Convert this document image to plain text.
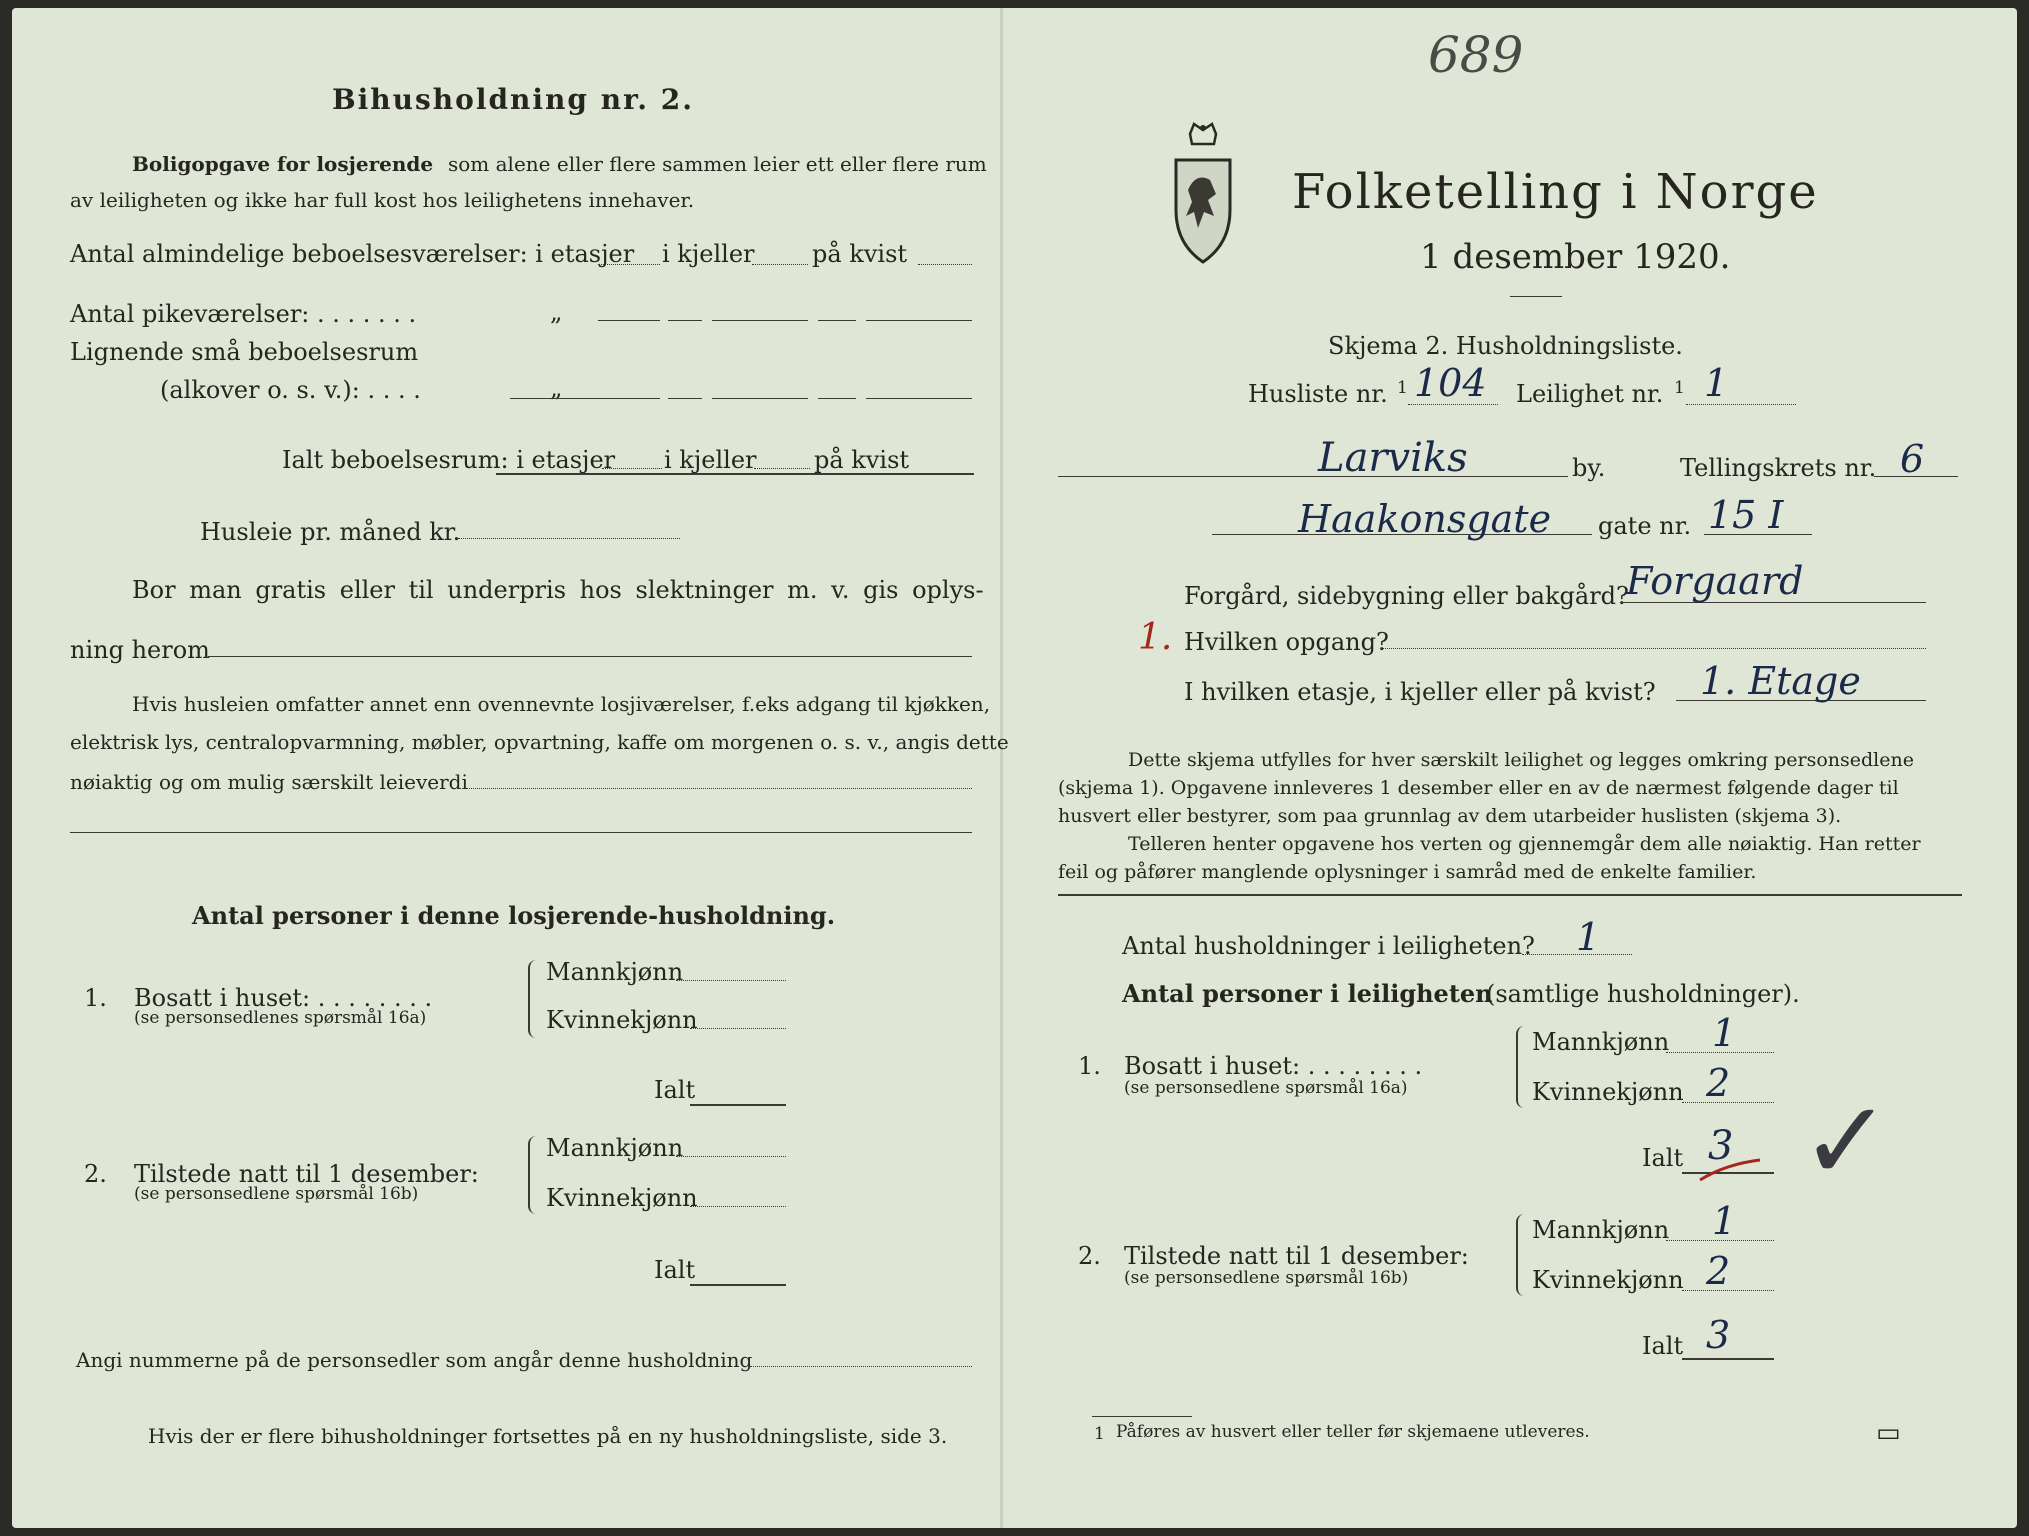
Bihusholdning nr. 2.
Boligopgave for losjerende som alene eller flere sammen leier ett eller flere rum
av leiligheten og ikke har full kost hos leilighetens innehaver.
Antal almindelige beboelsesværelser: i etasjer i kjeller på kvist
Antal pikeværelser: . . . . . . .	„
Lignende små beboelsesrum
(alkover o. s. v.): . . . .	„
Ialt beboelsesrum: i etasjer i kjeller på kvist
Husleie pr. måned kr.
Bor man gratis eller til underpris hos slektninger m. v. gis oplys-
ning herom
Hvis husleien omfatter annet enn ovennevnte losjiværelser, f.eks adgang til kjøkken,
elektrisk lys, centralopvarmning, møbler, opvartning, kaffe om morgenen o. s. v., angis dette
nøiaktig og om mulig særskilt leieverdi
Antal personer i denne losjerende-husholdning.
1. Bosatt i huset: . . . . . . . .
(se personsedlenes spørsmål 16a)
Mannkjønn
Kvinnekjønn
Ialt
2. Tilstede natt til 1 desember:
(se personsedlene spørsmål 16b)
Mannkjønn
Kvinnekjønn
Ialt
Angi nummerne på de personsedler som angår denne husholdning
Hvis der er flere bihusholdninger fortsettes på en ny husholdningsliste, side 3.
689
Folketelling i Norge
1 desember 1920.
Skjema 2. Husholdningsliste.
Husliste nr. 1 104 Leilighet nr. 1 1
Larviks	by.	Tellingskrets nr. 6
Haakonsgate gate nr. 15 I
Forgård, sidebygning eller bakgård?
Forgaard
1. Hvilken opgang?
I hvilken etasje, i kjeller eller på kvist? 1. Etage
Dette skjema utfylles for hver særskilt leilighet og legges omkring personsedlene
(skjema 1). Opgavene innleveres 1 desember eller en av de nærmest følgende dager til
husvert eller bestyrer, som paa grunnlag av dem utarbeider huslisten (skjema 3).
Telleren henter opgavene hos verten og gjennemgår dem alle nøiaktig. Han retter
feil og påfører manglende oplysninger i samråd med de enkelte familier.
Antal husholdninger i leiligheten? 1
Antal personer i leiligheten
(samtlige husholdninger).
1. Bosatt i huset: . . . . . . . .
(se personsedlene spørsmål 16a)
Mannkjønn 1
Kvinnekjønn 2
Ialt 3 ✓
2. Tilstede natt til 1 desember:
(se personsedlene spørsmål 16b)
Mannkjønn 1
Kvinnekjønn 2
Ialt 3
1 Påføres av husvert eller teller før skjemaene utleveres.	▭
